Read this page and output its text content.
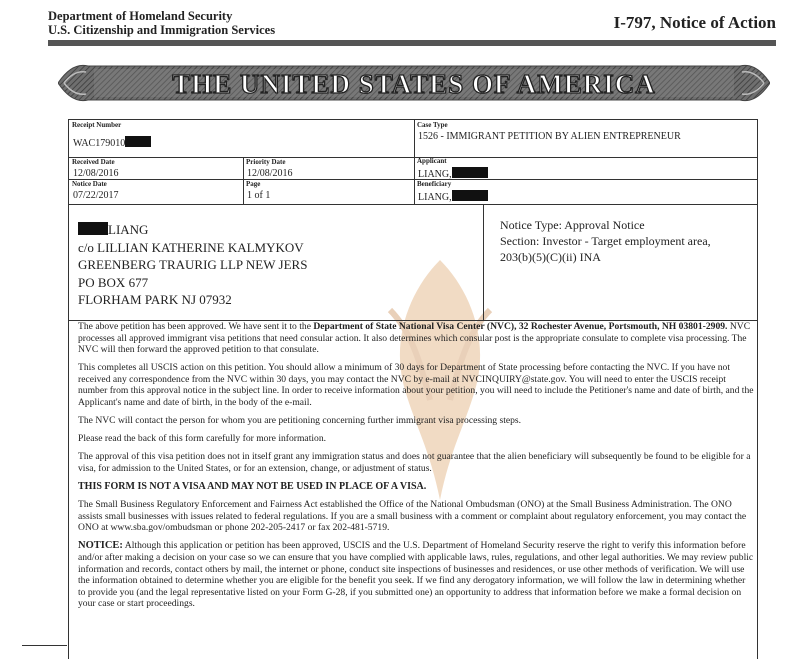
Department of Homeland Security
U.S. Citizenship and Immigration Services	I-797, Notice of Action
THE UNITED STATES OF AMERICA
Receipt Number
WAC179010
Case Type
1526 - IMMIGRANT PETITION BY ALIEN ENTREPRENEUR
Received Date
12/08/2016
Priority Date
12/08/2016
Applicant
LIANG,
Notice Date
07/22/2017
Page
1 of 1
Beneficiary
LIANG,
LIANG
c/o LILLIAN KATHERINE KALMYKOV
GREENBERG TRAURIG LLP NEW JERS
PO BOX 677
FLORHAM PARK NJ 07932
Notice Type: Approval Notice
Section: Investor - Target employment area,
203(b)(5)(C)(ii) INA

The above petition has been approved. We have sent it to the Department of State National Visa Center (NVC), 32 Rochester Avenue, Portsmouth, NH 03801-2909. NVC processes all approved immigrant visa petitions that need consular action. It also determines which consular post is the appropriate consulate to complete visa processing. The NVC will then forward the approved petition to that consulate.

This completes all USCIS action on this petition. You should allow a minimum of 30 days for Department of State processing before contacting the NVC. If you have not received any correspondence from the NVC within 30 days, you may contact the NVC by e-mail at NVCINQUIRY@state.gov. You will need to enter the USCIS receipt number from this approval notice in the subject line. In order to receive information about your petition, you will need to include the Petitioner's name and date of birth, and the Applicant's name and date of birth, in the body of the e-mail.

The NVC will contact the person for whom you are petitioning concerning further immigrant visa processing steps.

Please read the back of this form carefully for more information.

The approval of this visa petition does not in itself grant any immigration status and does not guarantee that the alien beneficiary will subsequently be found to be eligible for a visa, for admission to the United States, or for an extension, change, or adjustment of status.

THIS FORM IS NOT A VISA AND MAY NOT BE USED IN PLACE OF A VISA.

The Small Business Regulatory Enforcement and Fairness Act established the Office of the National Ombudsman (ONO) at the Small Business Administration. The ONO assists small businesses with issues related to federal regulations. If you are a small business with a comment or complaint about regulatory enforcement, you may contact the ONO at www.sba.gov/ombudsman or phone 202-205-2417 or fax 202-481-5719.

NOTICE: Although this application or petition has been approved, USCIS and the U.S. Department of Homeland Security reserve the right to verify this information before and/or after making a decision on your case so we can ensure that you have complied with applicable laws, rules, regulations, and other legal authorities. We may review public information and records, contact others by mail, the internet or phone, conduct site inspections of businesses and residences, or use other methods of verification. We will use the information obtained to determine whether you are eligible for the benefit you seek. If we find any derogatory information, we will follow the law in determining whether to provide you (and the legal representative listed on your Form G-28, if you submitted one) an opportunity to address that information before we make a formal decision on your case or start proceedings.
